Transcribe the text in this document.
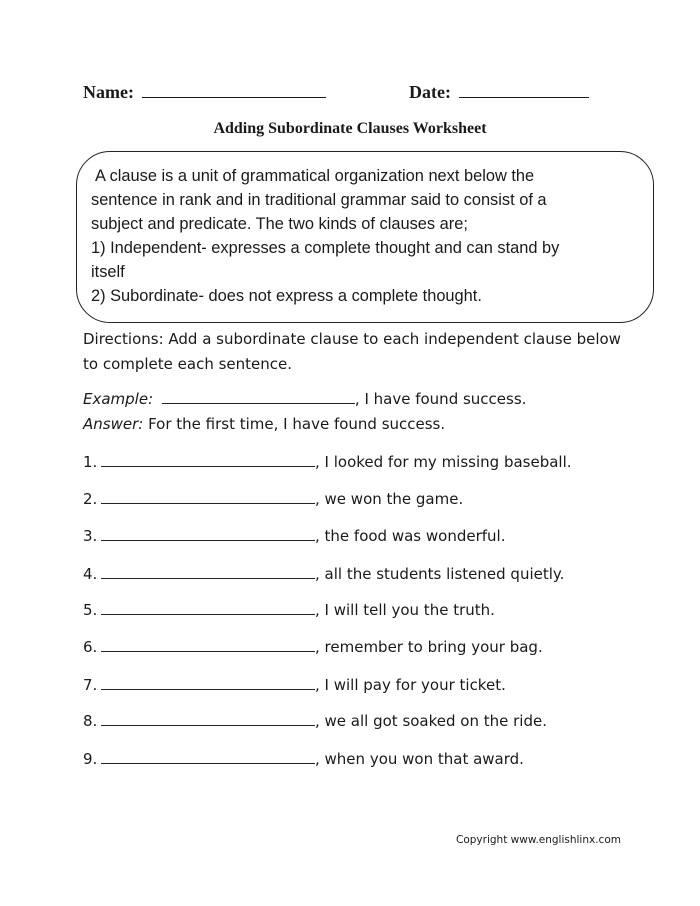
Name:	Date:
Adding Subordinate Clauses Worksheet
A clause is a unit of grammatical organization next below the
sentence in rank and in traditional grammar said to consist of a
subject and predicate. The two kinds of clauses are;
1) Independent- expresses a complete thought and can stand by
itself
2) Subordinate- does not express a complete thought.
Directions: Add a subordinate clause to each independent clause below
to complete each sentence.
Example:	, I have found success.
Answer: For the first time, I have found success.
1.	, I looked for my missing baseball.
2.	, we won the game.
3.	, the food was wonderful.
4.	, all the students listened quietly.
5.	, I will tell you the truth.
6.	, remember to bring your bag.
7.	, I will pay for your ticket.
8.	, we all got soaked on the ride.
9.	, when you won that award.
Copyright www.englishlinx.com
